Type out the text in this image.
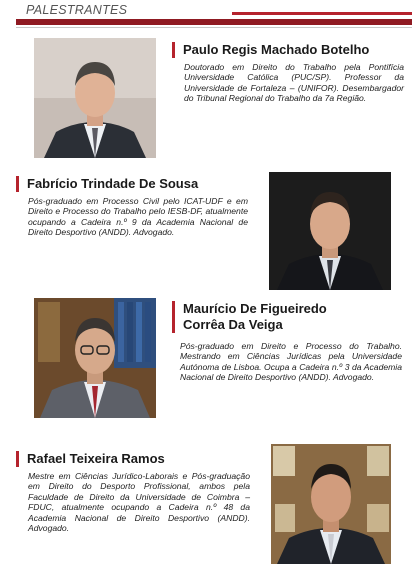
PALESTRANTES
Paulo Regis Machado Botelho
Doutorado em Direito do Trabalho pela Pontifícia Universidade Católica (PUC/SP). Professor da Universidade de Fortaleza – (UNIFOR). Desembargador do Tribunal Regional do Trabalho da 7a Região.
Fabrício Trindade De Sousa
Pós-graduado em Processo Civil pelo ICAT-UDF e em Direito e Processo do Trabalho pelo IESB-DF, atualmente ocupando a Cadeira n.º 9 da Academia Nacional de Direito Desportivo (ANDD). Advogado.
Maurício De Figueiredo
Corrêa Da Veiga
Pós-graduado em Direito e Processo do Trabalho. Mestrando em Ciências Jurídicas pela Universidade Autónoma de Lisboa. Ocupa a Cadeira n.º 3 da Academia Nacional de Direito Desportivo (ANDD). Advogado.
Rafael Teixeira Ramos
Mestre em Ciências Jurídico-Laborais e Pós-graduação em Direito do Desporto Profissional, ambos pela Faculdade de Direito da Universidade de Coimbra – FDUC, atualmente ocupando a Cadeira n.º 48 da Academia Nacional de Direito Desportivo (ANDD). Advogado.
